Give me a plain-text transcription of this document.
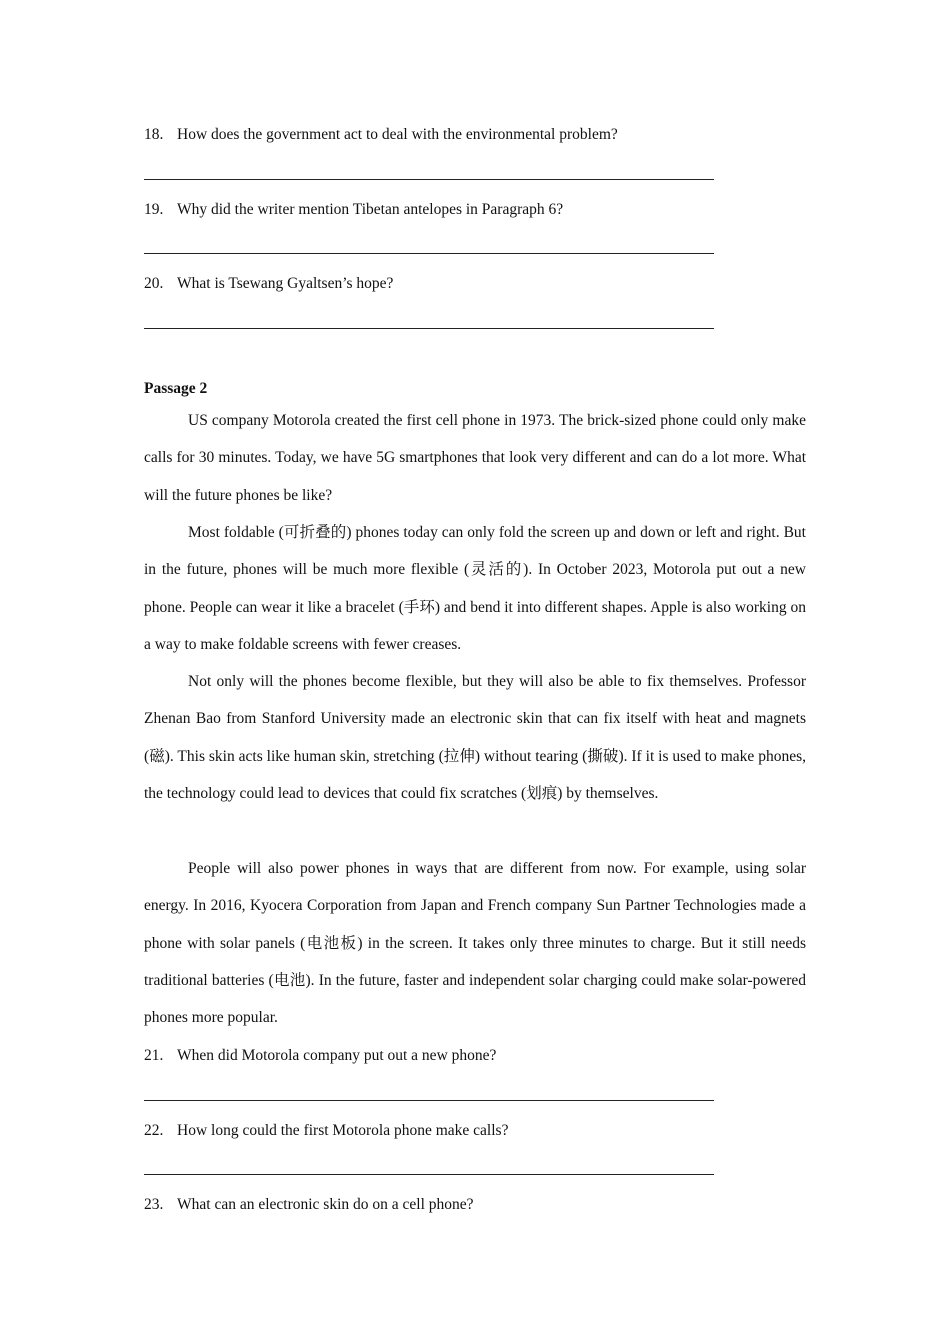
18. How does the government act to deal with the environmental problem?
19. Why did the writer mention Tibetan antelopes in Paragraph 6?
20. What is Tsewang Gyaltsen’s hope?
Passage 2

US company Motorola created the first cell phone in 1973. The brick-sized phone could only make calls for 30 minutes. Today, we have 5G smartphones that look very different and can do a lot more. What will the future phones be like?

Most foldable (可折叠的) phones today can only fold the screen up and down or left and right. But in the future, phones will be much more flexible (灵活的). In October 2023, Motorola put out a new phone. People can wear it like a bracelet (手环) and bend it into different shapes. Apple is also working on a way to make foldable screens with fewer creases.

Not only will the phones become flexible, but they will also be able to fix themselves. Professor Zhenan Bao from Stanford University made an electronic skin that can fix itself with heat and magnets (磁). This skin acts like human skin, stretching (拉伸) without tearing (撕破). If it is used to make phones, the technology could lead to devices that could fix scratches (划痕) by themselves.

People will also power phones in ways that are different from now. For example, using solar energy. In 2016, Kyocera Corporation from Japan and French company Sun Partner Technologies made a phone with solar panels (电池板) in the screen. It takes only three minutes to charge. But it still needs traditional batteries (电池). In the future, faster and independent solar charging could make solar-powered phones more popular.

21. When did Motorola company put out a new phone?
22. How long could the first Motorola phone make calls?
23. What can an electronic skin do on a cell phone?
